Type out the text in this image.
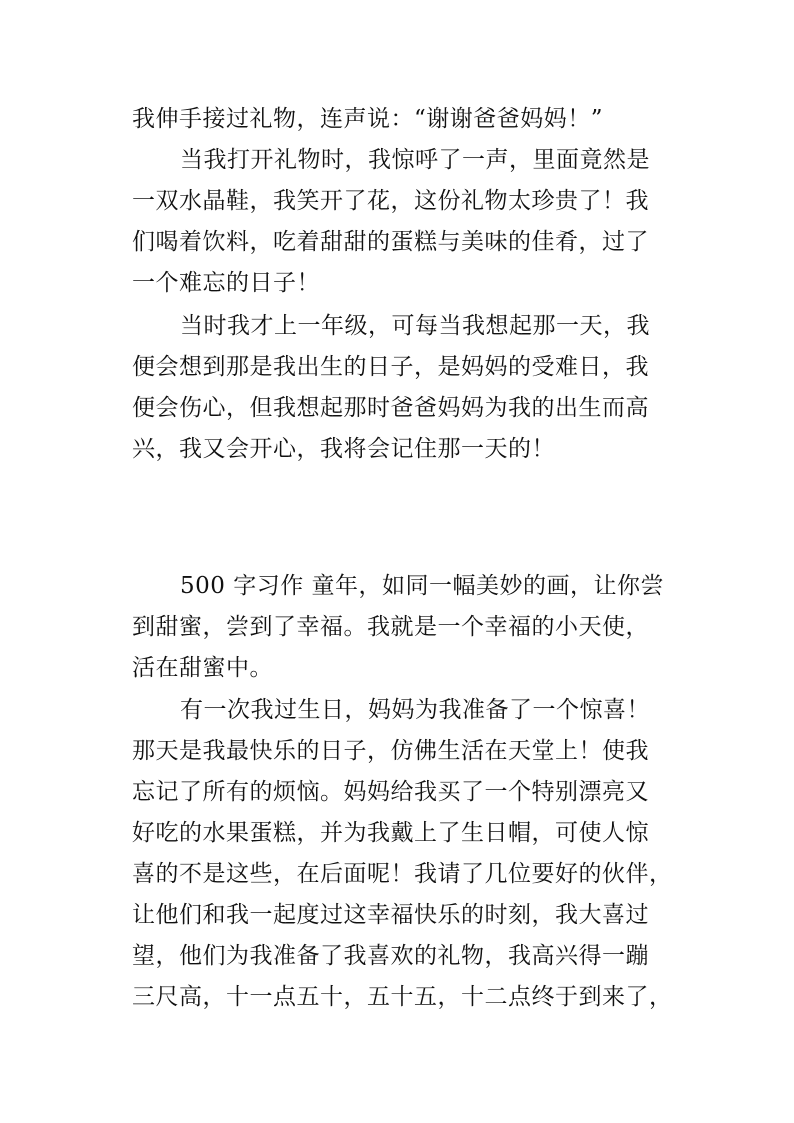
我伸手接过礼物，连声说：“谢谢爸爸妈妈！”
当我打开礼物时，我惊呼了一声，里面竟然是
一双水晶鞋，我笑开了花，这份礼物太珍贵了！我
们喝着饮料，吃着甜甜的蛋糕与美味的佳肴，过了
一个难忘的日子！
当时我才上一年级，可每当我想起那一天，我
便会想到那是我出生的日子，是妈妈的受难日，我
便会伤心，但我想起那时爸爸妈妈为我的出生而高
兴，我又会开心，我将会记住那一天的！
500 字习作 童年，如同一幅美妙的画，让你尝
到甜蜜，尝到了幸福。我就是一个幸福的小天使，
活在甜蜜中。
有一次我过生日，妈妈为我准备了一个惊喜！
那天是我最快乐的日子，仿佛生活在天堂上！使我
忘记了所有的烦恼。妈妈给我买了一个特别漂亮又
好吃的水果蛋糕，并为我戴上了生日帽，可使人惊
喜的不是这些，在后面呢！我请了几位要好的伙伴，
让他们和我一起度过这幸福快乐的时刻，我大喜过
望，他们为我准备了我喜欢的礼物，我高兴得一蹦
三尺高，十一点五十，五十五，十二点终于到来了，
